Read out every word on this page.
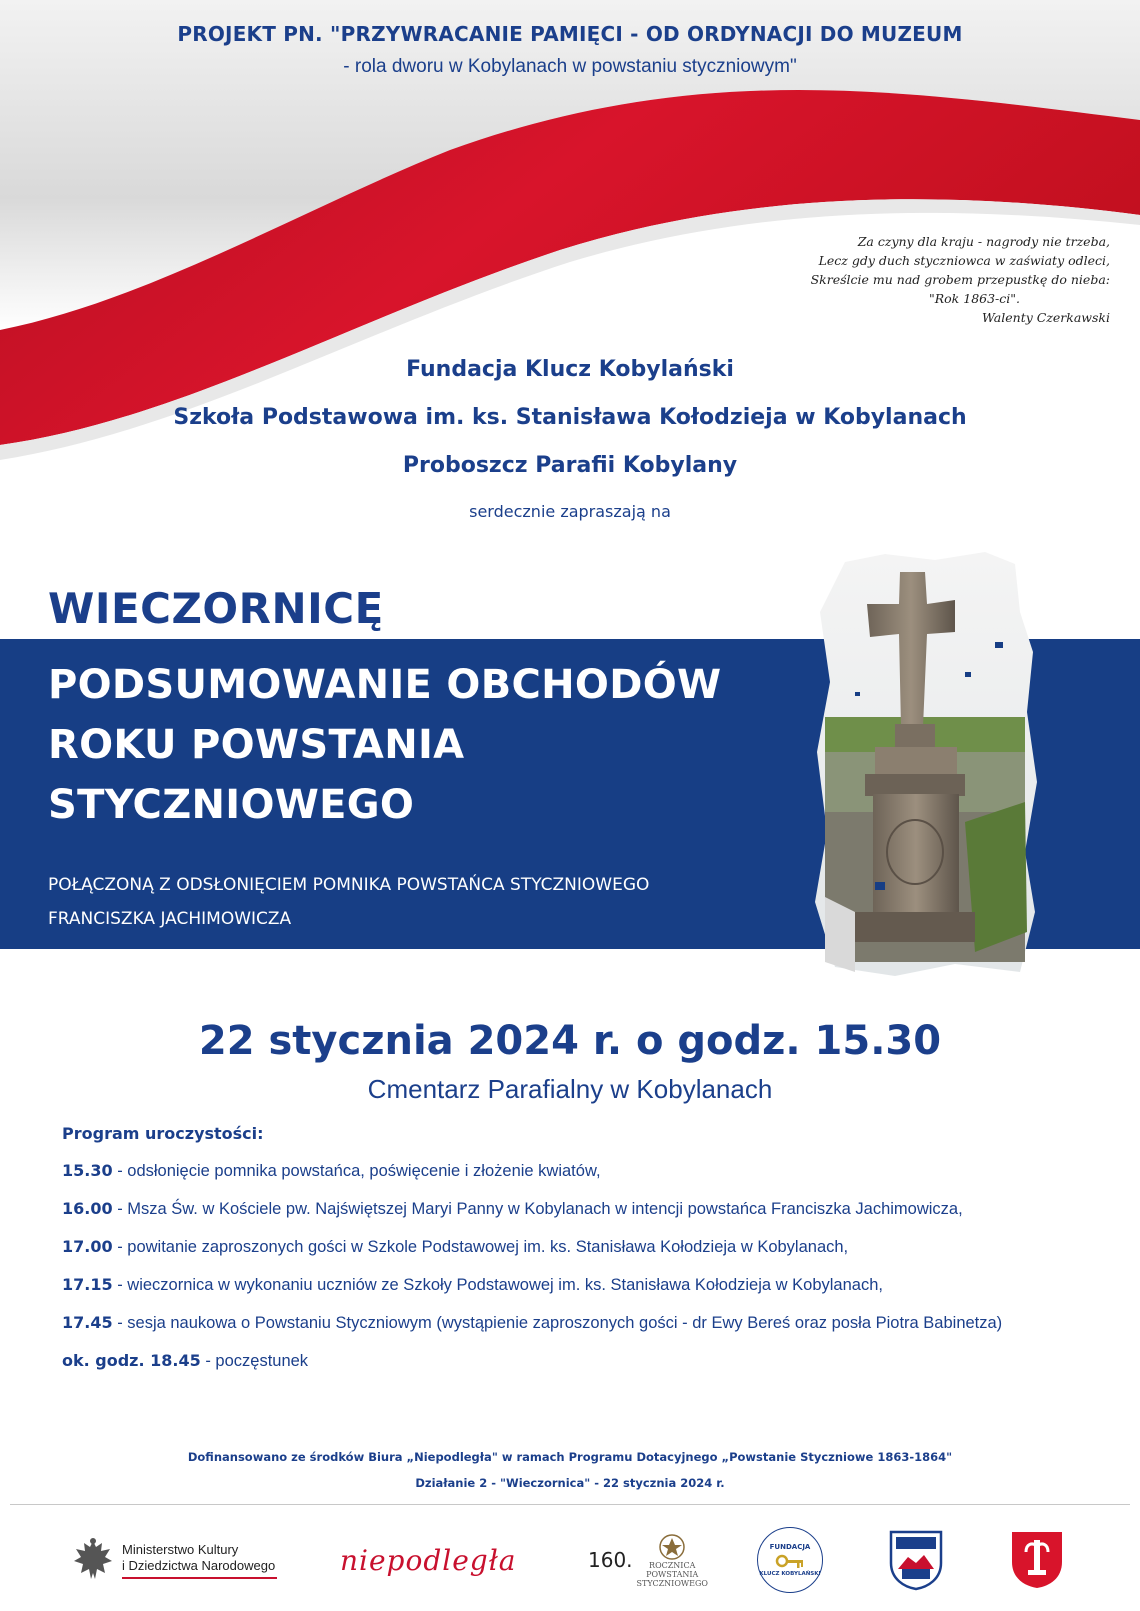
PROJEKT PN. "PRZYWRACANIE PAMIĘCI - OD ORDYNACJI DO MUZEUM
- rola dworu w Kobylanach w powstaniu styczniowym"
Za czyny dla kraju - nagrody nie trzeba,
Lecz gdy duch styczniowca w zaświaty odleci,
Skreślcie mu nad grobem przepustkę do nieba:
"Rok 1863-ci".
Walenty Czerkawski
Fundacja Klucz Kobylański
Szkoła Podstawowa im. ks. Stanisława Kołodzieja w Kobylanach
Proboszcz Parafii Kobylany
serdecznie zapraszają na
WIECZORNICĘ
PODSUMOWANIE OBCHODÓW
ROKU POWSTANIA
STYCZNIOWEGO
POŁĄCZONĄ Z ODSŁONIĘCIEM POMNIKA POWSTAŃCA STYCZNIOWEGO
FRANCISZKA JACHIMOWICZA
22 stycznia 2024 r. o godz. 15.30
Cmentarz Parafialny w Kobylanach
Program uroczystości:
15.30 - odsłonięcie pomnika powstańca, poświęcenie i złożenie kwiatów,
16.00 - Msza Św. w Kościele pw. Najświętszej Maryi Panny w Kobylanach w intencji powstańca Franciszka Jachimowicza,
17.00 - powitanie zaproszonych gości w Szkole Podstawowej im. ks. Stanisława Kołodzieja w Kobylanach,
17.15 - wieczornica w wykonaniu uczniów ze Szkoły Podstawowej im. ks. Stanisława Kołodzieja w Kobylanach,
17.45 - sesja naukowa o Powstaniu Styczniowym (wystąpienie zaproszonych gości - dr Ewy Bereś oraz posła Piotra Babinetza)
ok. godz. 18.45 - poczęstunek
Dofinansowano ze środków Biura „Niepodległa" w ramach Programu Dotacyjnego „Powstanie Styczniowe 1863-1864"
Działanie 2 - "Wieczornica" - 22 stycznia 2024 r.
Ministerstwo Kultury
i Dziedzictwa Narodowego niepodległa	160. ROCZNICA
POWSTANIA
STYCZNIOWEGO
FUNDACJA
KLUCZ KOBYLAŃSKI
